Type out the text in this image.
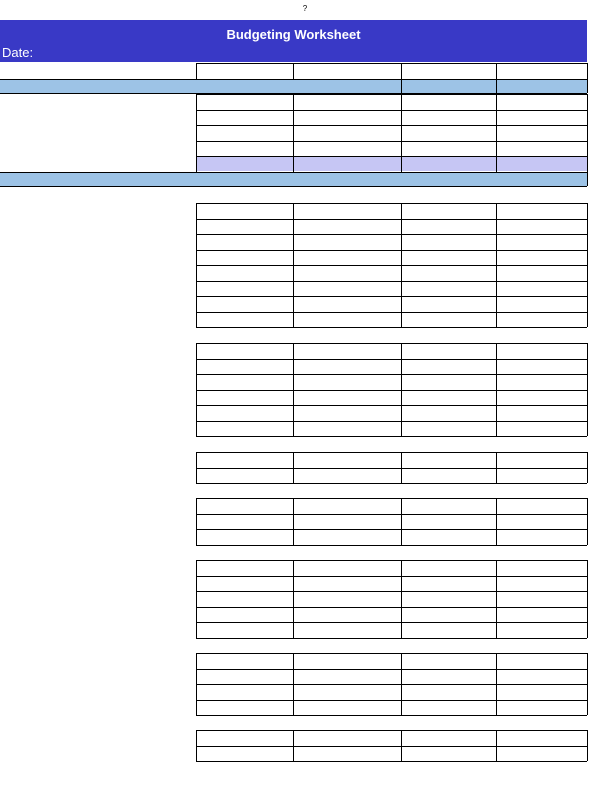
?
Budgeting Worksheet
Date:
